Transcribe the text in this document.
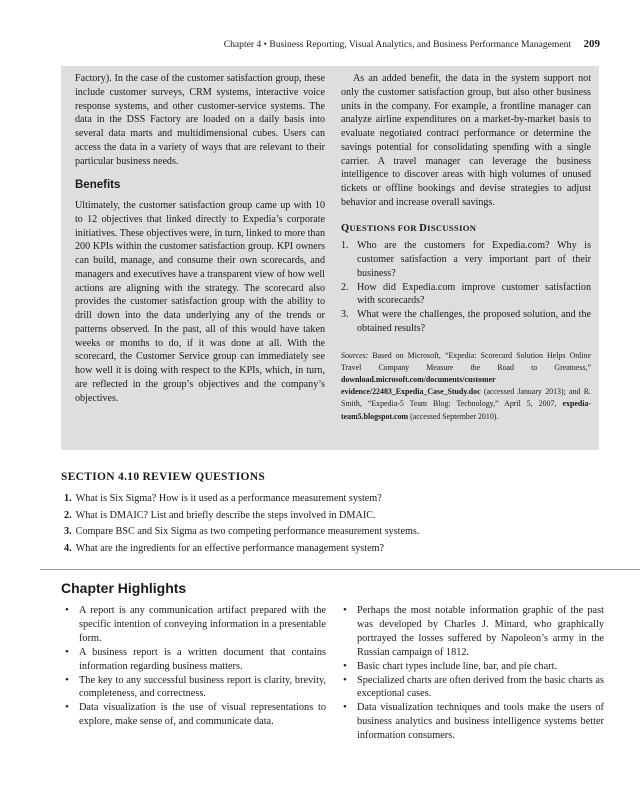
Chapter 4 • Business Reporting, Visual Analytics, and Business Performance Management 209

Factory). In the case of the customer satisfaction group, these include customer surveys, CRM systems, interactive voice response systems, and other customer-service systems. The data in the DSS Factory are loaded on a daily basis into several data marts and multidimensional cubes. Users can access the data in a variety of ways that are relevant to their particular business needs.

Benefits

Ultimately, the customer satisfaction group came up with 10 to 12 objectives that linked directly to Expedia’s corporate initiatives. These objectives were, in turn, linked to more than 200 KPIs within the customer satisfaction group. KPI owners can build, manage, and consume their own scorecards, and managers and executives have a transparent view of how well actions are aligning with the strategy. The scorecard also provides the customer satisfaction group with the ability to drill down into the data underlying any of the trends or patterns observed. In the past, all of this would have taken weeks or months to do, if it was done at all. With the scorecard, the Customer Service group can immediately see how well it is doing with respect to the KPIs, which, in turn, are reflected in the group’s objectives and the company’s objectives.

As an added benefit, the data in the system support not only the customer satisfaction group, but also other business units in the company. For example, a frontline manager can analyze airline expenditures on a market-by-market basis to evaluate negotiated contract performance or determine the savings potential for consolidating spending with a single carrier. A travel manager can leverage the business intelligence to discover areas with high volumes of unused tickets or offline bookings and devise strategies to adjust behavior and increase overall savings.

QUESTIONS FOR DISCUSSION
1. Who are the customers for Expedia.com? Why is customer satisfaction a very important part of their business?
2. How did Expedia.com improve customer satisfaction with scorecards?
3. What were the challenges, the proposed solution, and the obtained results?
Sources: Based on Microsoft, “Expedia: Scorecard Solution Helps Online Travel Company Measure the Road to Greatness,” download.microsoft.com/documents/customer evidence/22483_Expedia_Case_Study.doc (accessed January 2013); and R. Smith, “Expedia-5 Team Blog: Technology,” April 5, 2007, expedia-team5.blogspot.com (accessed September 2010).
SECTION 4.10 REVIEW QUESTIONS
1. What is Six Sigma? How is it used as a performance measurement system?
2. What is DMAIC? List and briefly describe the steps involved in DMAIC.
3. Compare BSC and Six Sigma as two competing performance measurement systems.
4. What are the ingredients for an effective performance management system?
Chapter Highlights
• A report is any communication artifact prepared with the specific intention of conveying information in a presentable form.
• A business report is a written document that contains information regarding business matters.
• The key to any successful business report is clarity, brevity, completeness, and correctness.
• Data visualization is the use of visual representations to explore, make sense of, and communicate data.
• Perhaps the most notable information graphic of the past was developed by Charles J. Minard, who graphically portrayed the losses suffered by Napoleon’s army in the Russian campaign of 1812.
• Basic chart types include line, bar, and pie chart.
• Specialized charts are often derived from the basic charts as exceptional cases.
• Data visualization techniques and tools make the users of business analytics and business intelligence systems better information consumers.
